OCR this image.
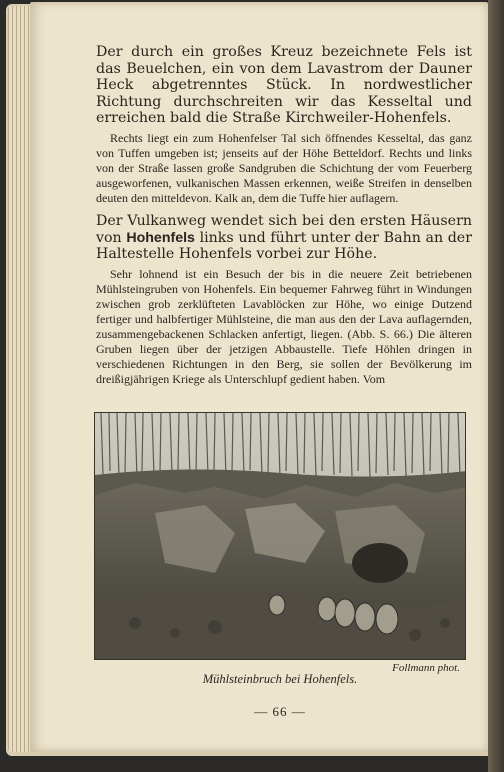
Der durch ein großes Kreuz bezeichnete Fels ist das Beuelchen, ein von dem Lavastrom der Dauner Heck abgetrenntes Stück. In nordwestlicher Richtung durchschreiten wir das Kesseltal und erreichen bald die Straße Kirchweiler-Hohenfels.

Rechts liegt ein zum Hohenfelser Tal sich öffnendes Kesseltal, das ganz von Tuffen umgeben ist; jenseits auf der Höhe Betteldorf. Rechts und links von der Straße lassen große Sandgruben die Schichtung der vom Feuerberg ausgeworfenen, vulkanischen Massen erkennen, weiße Streifen in denselben deuten den mitteldevon. Kalk an, dem die Tuffe hier auflagern.

Der Vulkanweg wendet sich bei den ersten Häusern von Hohenfels links und führt unter der Bahn an der Haltestelle Hohenfels vorbei zur Höhe.

Sehr lohnend ist ein Besuch der bis in die neuere Zeit betriebenen Mühlsteingruben von Hohenfels. Ein bequemer Fahrweg führt in Windungen zwischen grob zerklüfteten Lavablöcken zur Höhe, wo einige Dutzend fertiger und halbfertiger Mühlsteine, die man aus den der Lava auflagernden, zusammengebackenen Schlacken anfertigt, liegen. (Abb. S. 66.) Die älteren Gruben liegen über der jetzigen Abbaustelle. Tiefe Höhlen dringen in verschiedenen Richtungen in den Berg, sie sollen der Bevölkerung im dreißigjährigen Kriege als Unterschlupf gedient haben. Vom

Follmann phot.
Mühlsteinbruch bei Hohenfels.
— 66 —
